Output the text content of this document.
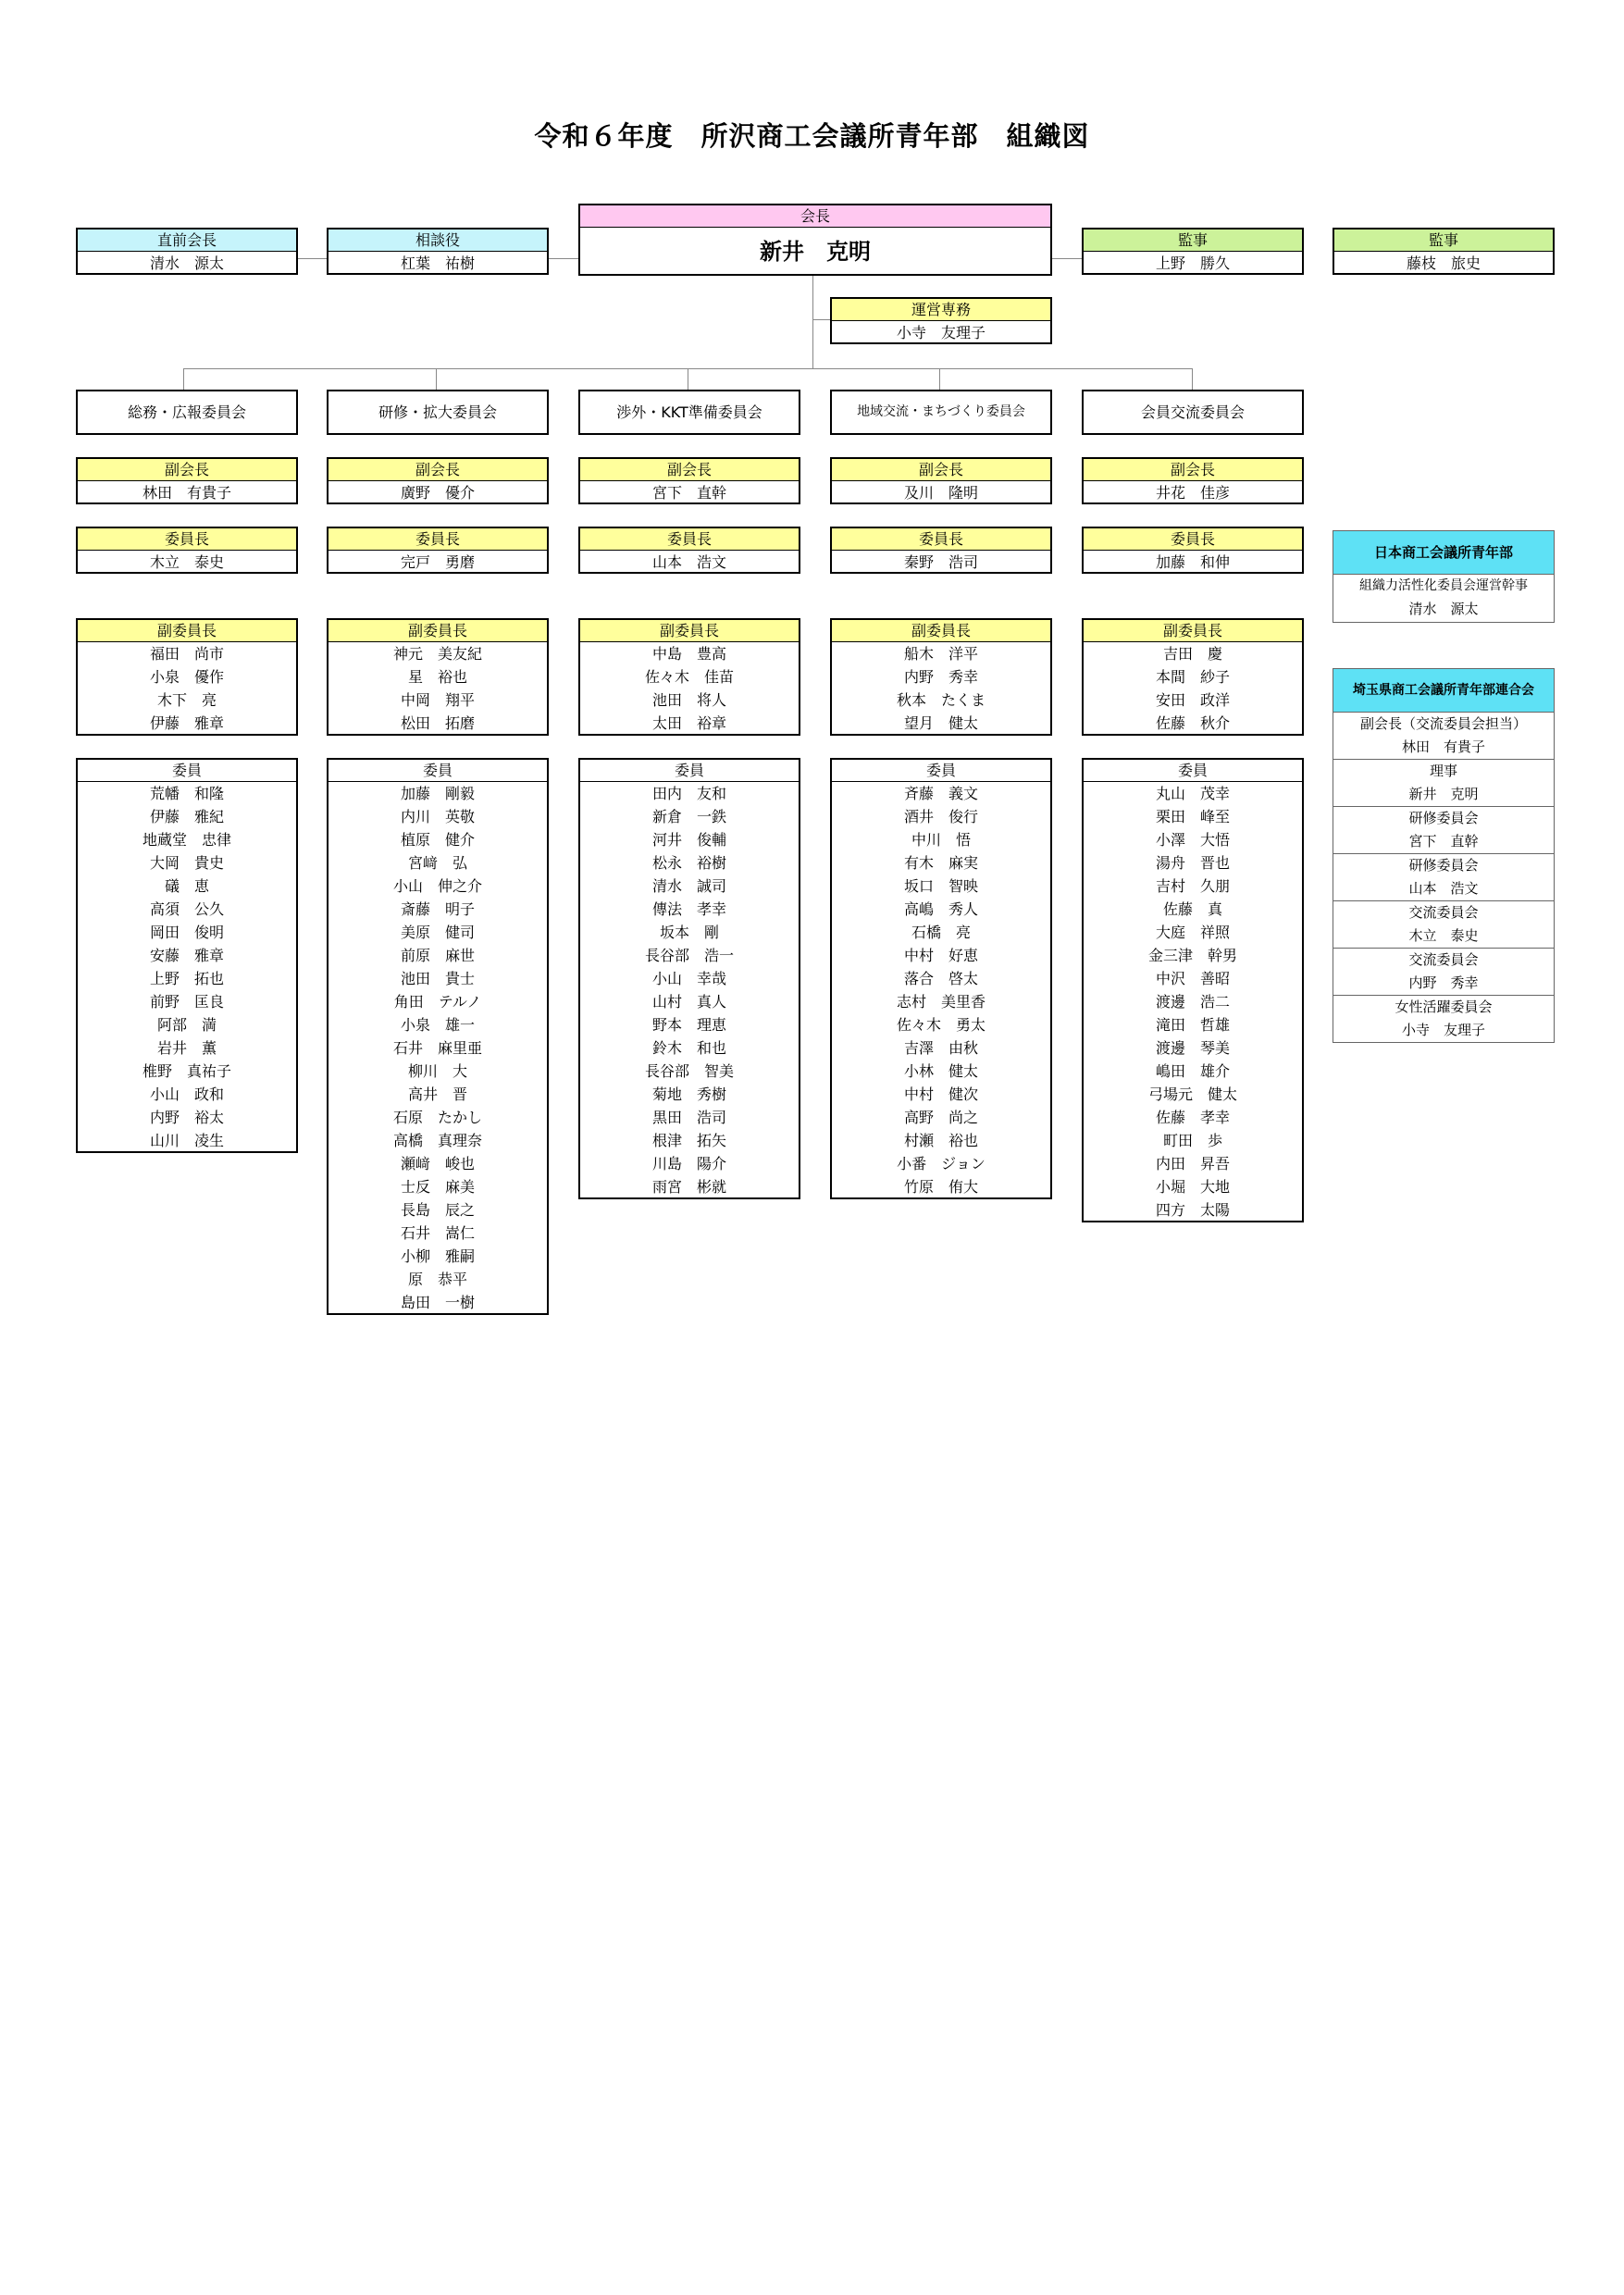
令和６年度　所沢商工会議所青年部　組織図
直前会長
清水　源太
相談役
杠葉　祐樹
会長
新井　克明	監事
上野　勝久
監事
藤枝　旅史
運営専務
小寺　友理子
総務・広報委員会
副会長
林田　有貴子
委員長
木立　泰史
副委員長
福田　尚市
小泉　優作
木下　亮
伊藤　雅章
委員
荒幡　和隆
伊藤　雅紀
地蔵堂　忠律
大岡　貴史
礒　恵
高須　公久
岡田　俊明
安藤　雅章
上野　拓也
前野　匡良
阿部　満
岩井　薫
椎野　真祐子
小山　政和
内野　裕太
山川　凌生
研修・拡大委員会
副会長
廣野　優介
委員長
完戸　勇磨
副委員長
神元　美友紀
星　裕也
中岡　翔平
松田　拓磨
委員
加藤　剛毅
内川　英敬
植原　健介
宮﨑　弘
小山　伸之介
斎藤　明子
美原　健司
前原　麻世
池田　貴士
角田　テルノ
小泉　雄一
石井　麻里亜
柳川　大
高井　晋
石原　たかし
高橋　真理奈
瀬﨑　峻也
士反　麻美
長島　辰之
石井　嵩仁
小柳　雅嗣
原　恭平
島田　一樹
渉外・KKT準備委員会
副会長
宮下　直幹
委員長
山本　浩文
副委員長
中島　豊高
佐々木　佳苗
池田　将人
太田　裕章
委員
田内　友和
新倉　一鉄
河井　俊輔
松永　裕樹
清水　誠司
傳法　孝幸
坂本　剛
長谷部　浩一
小山　幸哉
山村　真人
野本　理恵
鈴木　和也
長谷部　智美
菊地　秀樹
黒田　浩司
根津　拓矢
川島　陽介
雨宮　彬就
地域交流・まちづくり委員会
副会長
及川　隆明
委員長
秦野　浩司
副委員長
船木　洋平
内野　秀幸
秋本　たくま
望月　健太
委員
斉藤　義文
酒井　俊行
中川　悟
有木　麻実
坂口　智映
高嶋　秀人
石橋　亮
中村　好恵
落合　啓太
志村　美里香
佐々木　勇太
吉澤　由秋
小林　健太
中村　健次
高野　尚之
村瀬　裕也
小番　ジョン
竹原　侑大
会員交流委員会
副会長
井花　佳彦
委員長
加藤　和伸
副委員長
吉田　慶
本間　紗子
安田　政洋
佐藤　秋介
委員
丸山　茂幸
栗田　峰至
小澤　大悟
湯舟　晋也
吉村　久朋
佐藤　真
大庭　祥照
金三津　幹男
中沢　善昭
渡邊　浩二
滝田　哲雄
渡邊　琴美
嶋田　雄介
弓場元　健太
佐藤　孝幸
町田　歩
内田　昇吾
小堀　大地
四方　太陽
日本商工会議所青年部
組織力活性化委員会運営幹事
清水　源太
埼玉県商工会議所青年部連合会
副会長（交流委員会担当）
林田　有貴子
理事
新井　克明
研修委員会
宮下　直幹
研修委員会
山本　浩文
交流委員会
木立　泰史
交流委員会
内野　秀幸
女性活躍委員会
小寺　友理子
